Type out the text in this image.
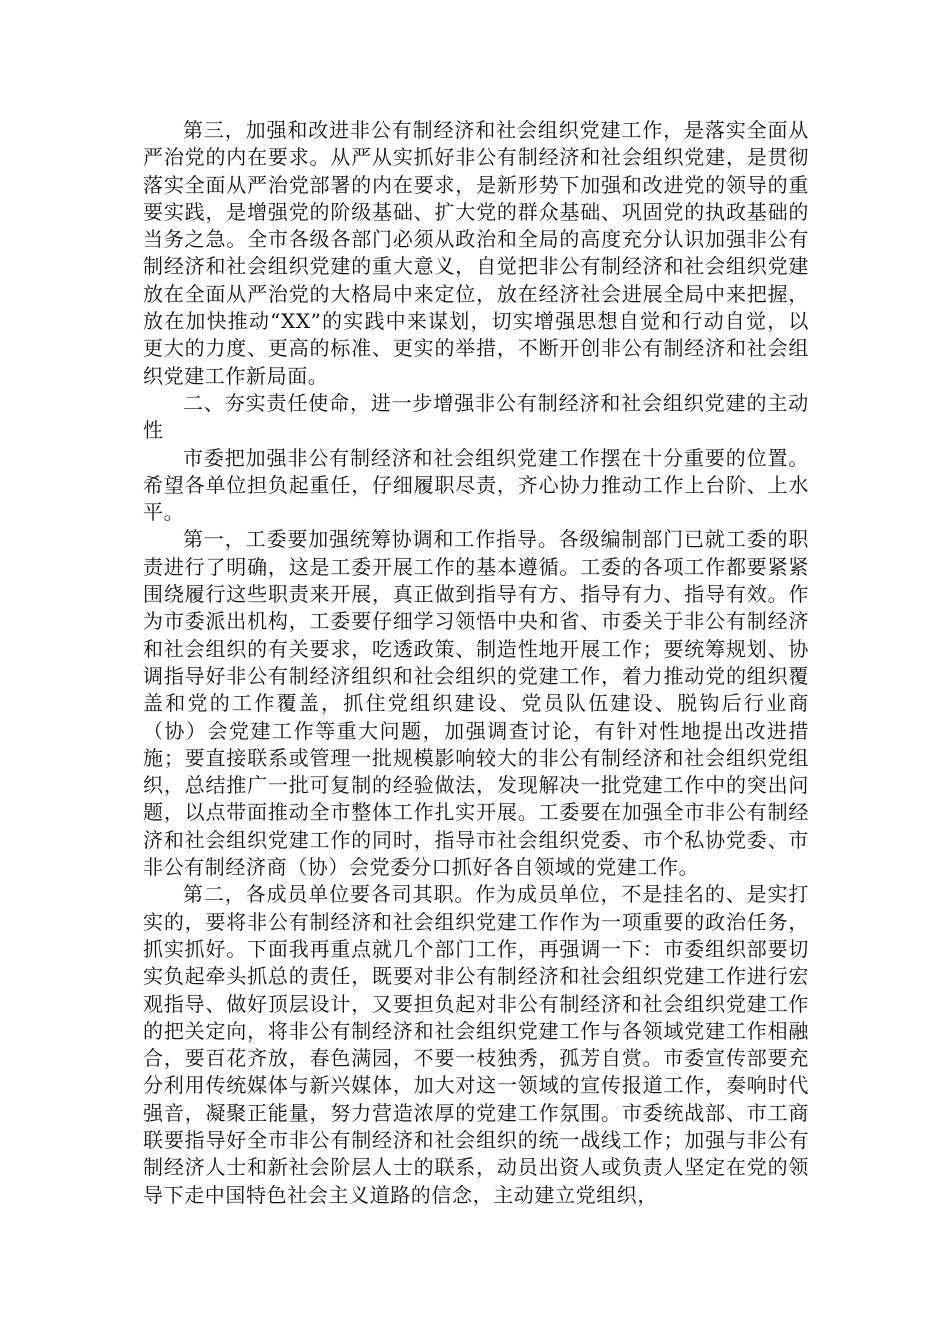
第三，加强和改进非公有制经济和社会组织党建工作，是落实全面从严治党的内在要求。从严从实抓好非公有制经济和社会组织党建，是贯彻落实全面从严治党部署的内在要求，是新形势下加强和改进党的领导的重要实践，是增强党的阶级基础、扩大党的群众基础、巩固党的执政基础的当务之急。全市各级各部门必须从政治和全局的高度充分认识加强非公有制经济和社会组织党建的重大意义，自觉把非公有制经济和社会组织党建放在全面从严治党的大格局中来定位，放在经济社会进展全局中来把握，放在加快推动“XX”的实践中来谋划，切实增强思想自觉和行动自觉，以更大的力度、更高的标准、更实的举措，不断开创非公有制经济和社会组织党建工作新局面。

二、夯实责任使命，进一步增强非公有制经济和社会组织党建的主动性

市委把加强非公有制经济和社会组织党建工作摆在十分重要的位置。希望各单位担负起重任，仔细履职尽责，齐心协力推动工作上台阶、上水平。

第一，工委要加强统筹协调和工作指导。各级编制部门已就工委的职责进行了明确，这是工委开展工作的基本遵循。工委的各项工作都要紧紧围绕履行这些职责来开展，真正做到指导有方、指导有力、指导有效。作为市委派出机构，工委要仔细学习领悟中央和省、市委关于非公有制经济和社会组织的有关要求，吃透政策、制造性地开展工作；要统筹规划、协调指导好非公有制经济组织和社会组织的党建工作，着力推动党的组织覆盖和党的工作覆盖，抓住党组织建设、党员队伍建设、脱钩后行业商（协）会党建工作等重大问题，加强调查讨论，有针对性地提出改进措施；要直接联系或管理一批规模影响较大的非公有制经济和社会组织党组织，总结推广一批可复制的经验做法，发现解决一批党建工作中的突出问题，以点带面推动全市整体工作扎实开展。工委要在加强全市非公有制经济和社会组织党建工作的同时，指导市社会组织党委、市个私协党委、市非公有制经济商（协）会党委分口抓好各自领域的党建工作。

第二，各成员单位要各司其职。作为成员单位，不是挂名的、是实打实的，要将非公有制经济和社会组织党建工作作为一项重要的政治任务，抓实抓好。下面我再重点就几个部门工作，再强调一下：市委组织部要切实负起牵头抓总的责任，既要对非公有制经济和社会组织党建工作进行宏观指导、做好顶层设计，又要担负起对非公有制经济和社会组织党建工作的把关定向，将非公有制经济和社会组织党建工作与各领域党建工作相融合，要百花齐放，春色满园，不要一枝独秀，孤芳自赏。市委宣传部要充分利用传统媒体与新兴媒体，加大对这一领域的宣传报道工作，奏响时代强音，凝聚正能量，努力营造浓厚的党建工作氛围。市委统战部、市工商联要指导好全市非公有制经济和社会组织的统一战线工作；加强与非公有制经济人士和新社会阶层人士的联系，动员出资人或负责人坚定在党的领导下走中国特色社会主义道路的信念，主动建立党组织，
